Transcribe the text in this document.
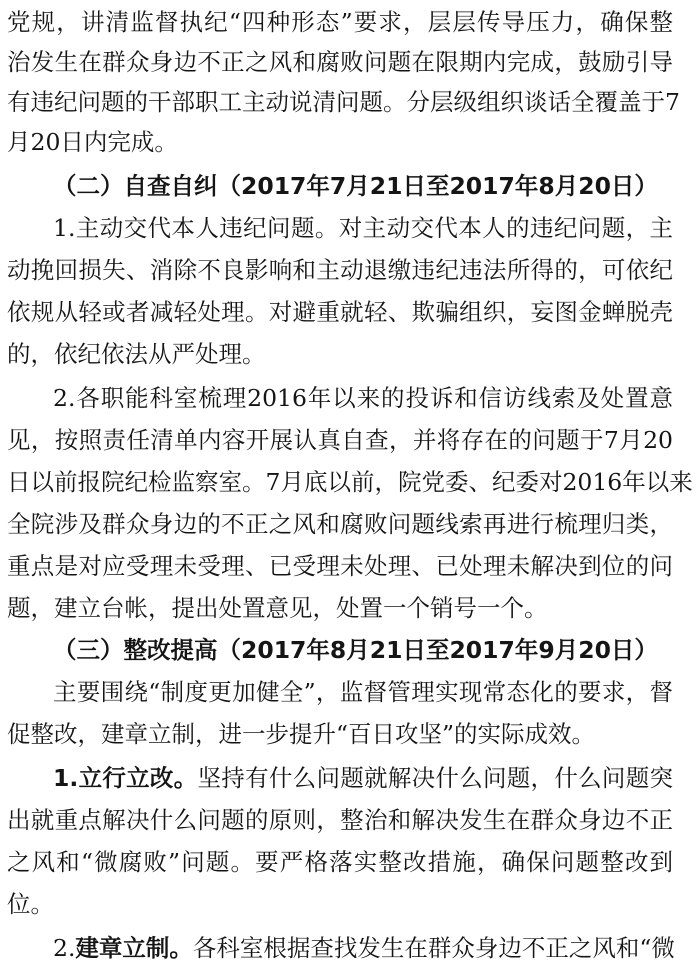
党规，讲清监督执纪“四种形态”要求，层层传导压力，确保整
治发生在群众身边不正之风和腐败问题在限期内完成，鼓励引导
有违纪问题的干部职工主动说清问题。分层级组织谈话全覆盖于7
月20日内完成。
（二）自查自纠（2017年7月21日至2017年8月20日）
1.主动交代本人违纪问题。对主动交代本人的违纪问题，主
动挽回损失、消除不良影响和主动退缴违纪违法所得的，可依纪
依规从轻或者减轻处理。对避重就轻、欺骗组织，妄图金蝉脱壳
的，依纪依法从严处理。
2.各职能科室梳理2016年以来的投诉和信访线索及处置意
见，按照责任清单内容开展认真自查，并将存在的问题于7月20
日以前报院纪检监察室。7月底以前，院党委、纪委对2016年以来
全院涉及群众身边的不正之风和腐败问题线索再进行梳理归类，
重点是对应受理未受理、已受理未处理、已处理未解决到位的问
题，建立台帐，提出处置意见，处置一个销号一个。
（三）整改提高（2017年8月21日至2017年9月20日）
主要围绕“制度更加健全”，监督管理实现常态化的要求，督
促整改，建章立制，进一步提升“百日攻坚”的实际成效。
1.立行立改。坚持有什么问题就解决什么问题，什么问题突
出就重点解决什么问题的原则，整治和解决发生在群众身边不正
之风和“微腐败”问题。要严格落实整改措施，确保问题整改到
位。
2.建章立制。各科室根据查找发生在群众身边不正之风和“微
